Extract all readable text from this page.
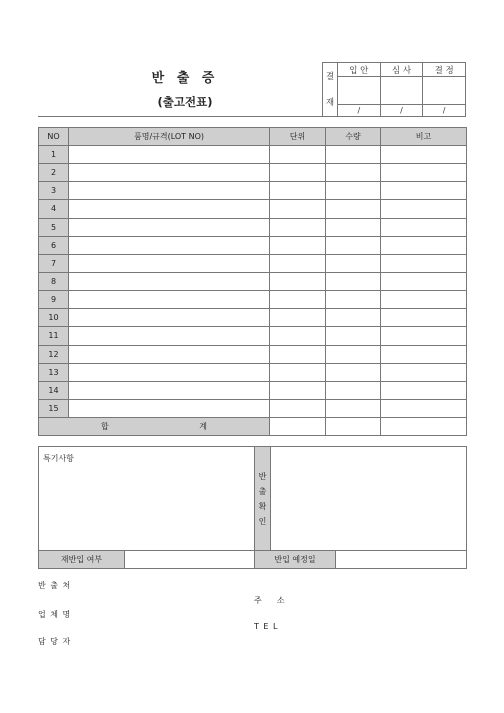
반 출 증
(출고전표)
결
재	입 안	심 사	결 정

	/	/	/
NO	품명/규격(LOT NO)	단위	수량	비고
1				
2				
3				
4				
5				
6				
7				
8				
9				
10				
11				
12				
13				
14				
15				
합 계				
특기사항		반
출
확
인		

재반입 여부		반입 예정일		
반 출 처
주    소
업 체 명
T E L
담 당 자
